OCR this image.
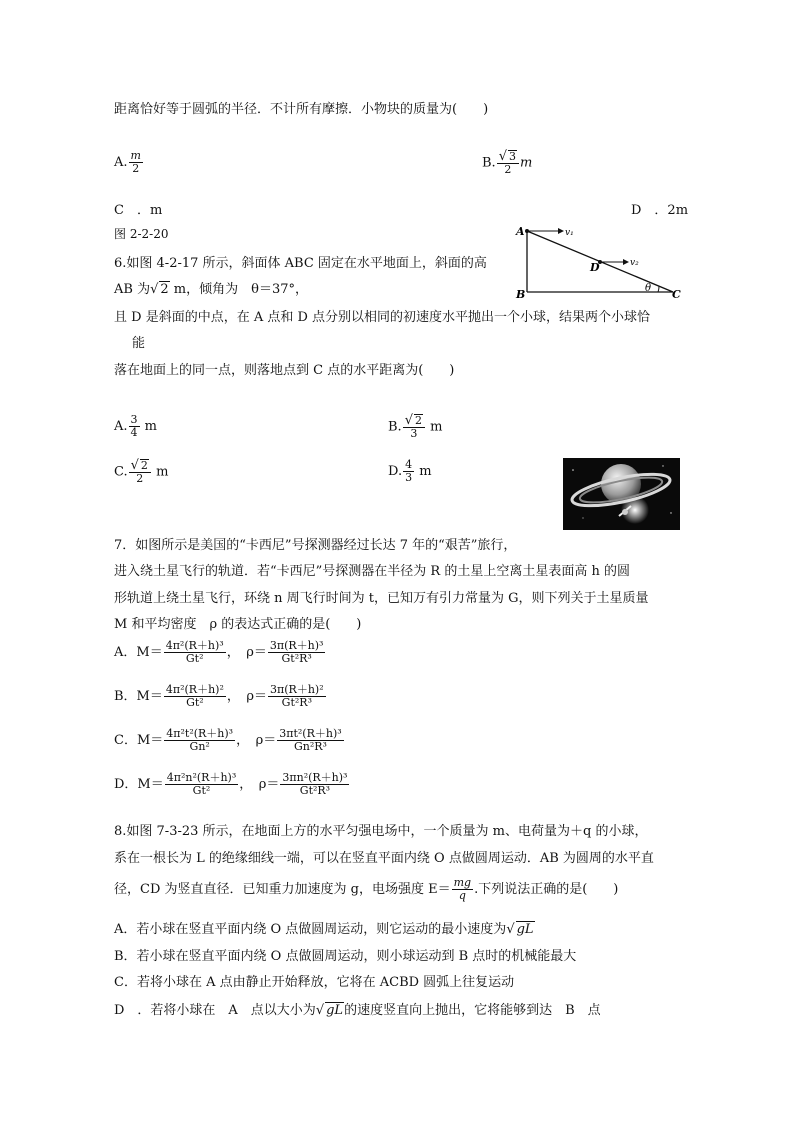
距离恰好等于圆弧的半径．不计所有摩擦．小物块的质量为(　　)
A. $\frac{m}{2}$	B. $\frac{√ 3}{2}$ m
C　．m	D　．2m
图 2-2-20
6.如图 4-2-17 所示，斜面体 ABC 固定在水平地面上，斜面的高
AB 为√ 2 m，倾角为　θ＝37°，
A
B	C
D
v₁
v₂
θ
且 D 是斜面的中点，在 A 点和 D 点分别以相同的初速度水平抛出一个小球，结果两个小球恰
能
落在地面上的同一点，则落地点到 C 点的水平距离为(　　)
A. $\frac{3}{4}$ m	B. $\frac{√ 2}{3}$ m
C. $\frac{√ 2}{2}$ m	D. $\frac{4}{3}$ m
7．如图所示是美国的“卡西尼”号探测器经过长达 7 年的“艰苦”旅行，
进入绕土星飞行的轨道．若“卡西尼”号探测器在半径为 R 的土星上空离土星表面高 h 的圆
形轨道上绕土星飞行，环绕 n 周飞行时间为 t，已知万有引力常量为 G，则下列关于土星质量
M 和平均密度　ρ 的表达式正确的是(　　)
A．$M= \frac{\text{4π²(R＋h)³}}{\text{Gt²}}$ ，　$\rho= \frac{\text{3π(R＋h)³}}{\text{Gt²R³}}$
B．$M= \frac{\text{4π²(R＋h)²}}{\text{Gt²}}$ ，　$\rho= \frac{\text{3π(R＋h)²}}{\text{Gt²R³}}$
C．$M= \frac{\text{4π²t²(R＋h)³}}{\text{Gn²}}$ ，　$\rho= \frac{\text{3πt²(R＋h)³}}{\text{Gn²R³}}$
D．$M= \frac{\text{4π²n²(R＋h)³}}{\text{Gt²}}$ ，　$\rho= \frac{\text{3πn²(R＋h)³}}{\text{Gt²R³}}$
8.如图 7-3-23 所示，在地面上方的水平匀强电场中，一个质量为 m、电荷量为＋q 的小球，
系在一根长为 L 的绝缘细线一端，可以在竖直平面内绕 O 点做圆周运动．AB 为圆周的水平直
径，CD 为竖直直径．已知重力加速度为 g，电场强度 $E= \frac{mg}{q}$ .下列说法正确的是(　　)
A．若小球在竖直平面内绕 O 点做圆周运动，则它运动的最小速度为√ gL
B．若小球在竖直平面内绕 O 点做圆周运动，则小球运动到 B 点时的机械能最大
C．若将小球在 A 点由静止开始释放，它将在 ACBD 圆弧上往复运动
D　．若将小球在　A　点以大小为√ gL的速度竖直向上抛出，它将能够到达　B　点
